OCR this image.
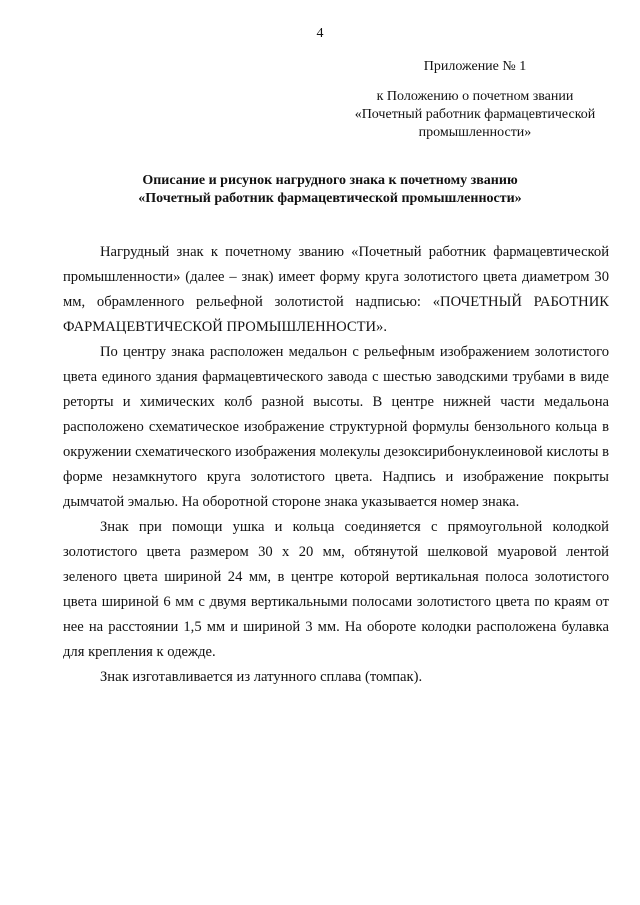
4
Приложение № 1
к Положению о почетном звании
«Почетный работник фармацевтической
промышленности»
Описание и рисунок нагрудного знака к почетному званию
«Почетный работник фармацевтической промышленности»

Нагрудный знак к почетному званию «Почетный работник фармацевтической промышленности» (далее – знак) имеет форму круга золотистого цвета диаметром 30 мм, обрамленного рельефной золотистой надписью: «ПОЧЕТНЫЙ РАБОТНИК ФАРМАЦЕВТИЧЕСКОЙ ПРОМЫШЛЕННОСТИ».

По центру знака расположен медальон с рельефным изображением золотистого цвета единого здания фармацевтического завода с шестью заводскими трубами в виде реторты и химических колб разной высоты. В центре нижней части медальона расположено схематическое изображение структурной формулы бензольного кольца в окружении схематического изображения молекулы дезоксирибонуклеиновой кислоты в форме незамкнутого круга золотистого цвета. Надпись и изображение покрыты дымчатой эмалью. На оборотной стороне знака указывается номер знака.

Знак при помощи ушка и кольца соединяется с прямоугольной колодкой золотистого цвета размером 30 х 20 мм, обтянутой шелковой муаровой лентой зеленого цвета шириной 24 мм, в центре которой вертикальная полоса золотистого цвета шириной 6 мм с двумя вертикальными полосами золотистого цвета по краям от нее на расстоянии 1,5 мм и шириной 3 мм. На обороте колодки расположена булавка для крепления к одежде.

Знак изготавливается из латунного сплава (томпак).
